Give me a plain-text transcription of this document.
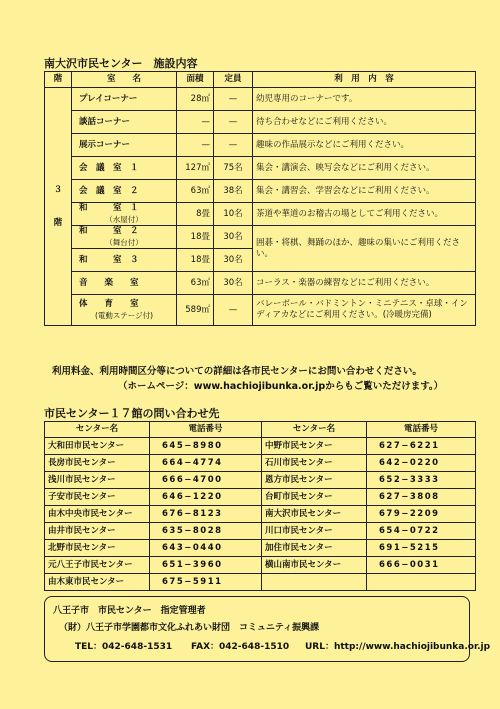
南大沢市民センター　施設内容
階	室　　名	面積	定員	利　用　内　容
３

階	プレイコーナー	28㎡	—	幼児専用のコーナーです。

談話コーナー	—	—	待ち合わせなどにご利用ください。

展示コーナー	—	—	趣味の作品展示などにご利用ください。

会　議　室　１	127㎡	75名	集会・講演会、映写会などにご利用ください。

会　議　室　２	63㎡	38名	集会・講習会、学習会などにご利用ください。

和　　　室　１
（水屋付）	8畳	10名	茶道や華道のお稽古の場としてご利用ください。

和　　　室　２
（舞台付）	18畳	30名	囲碁・将棋、舞踊のほか、趣味の集いにご利用ください。

和　　　室　３	18畳	30名	

音　　楽　　室	63㎡	30名	コーラス・楽器の練習などにご利用ください。

体　　育　　室
(電動ステージ付)	589㎡	—	バレーボール・バドミントン・ミニテニス・卓球・インディアカなどにご利用ください。(冷暖房完備)
利用料金、利用時間区分等についての詳細は各市民センターにお問い合わせください。
（ホームページ：www.hachiojibunka.or.jpからもご覧いただけます。）
市民センター１７館の問い合わせ先
センター名	電話番号	センター名	電話番号
大和田市民センター	645−8980	中野市民センター	627−6221
長房市民センター	664−4774	石川市民センター	642−0220
浅川市民センター	666−4700	恩方市民センター	652−3333
子安市民センター	646−1220	台町市民センター	627−3808
由木中央市民センター	676−8123	南大沢市民センター	679−2209
由井市民センター	635−8028	川口市民センター	654−0722
北野市民センター	643−0440	加住市民センター	691−5215
元八王子市民センター	651−3960	横山南市民センター	666−0031
由木東市民センター	675−5911		
八王子市　市民センター　指定管理者
（財）八王子市学園都市文化ふれあい財団　コミュニティ振興課
TEL：042-648-1531 FAX：042-648-1510 URL：http://www.hachiojibunka.or.jp
